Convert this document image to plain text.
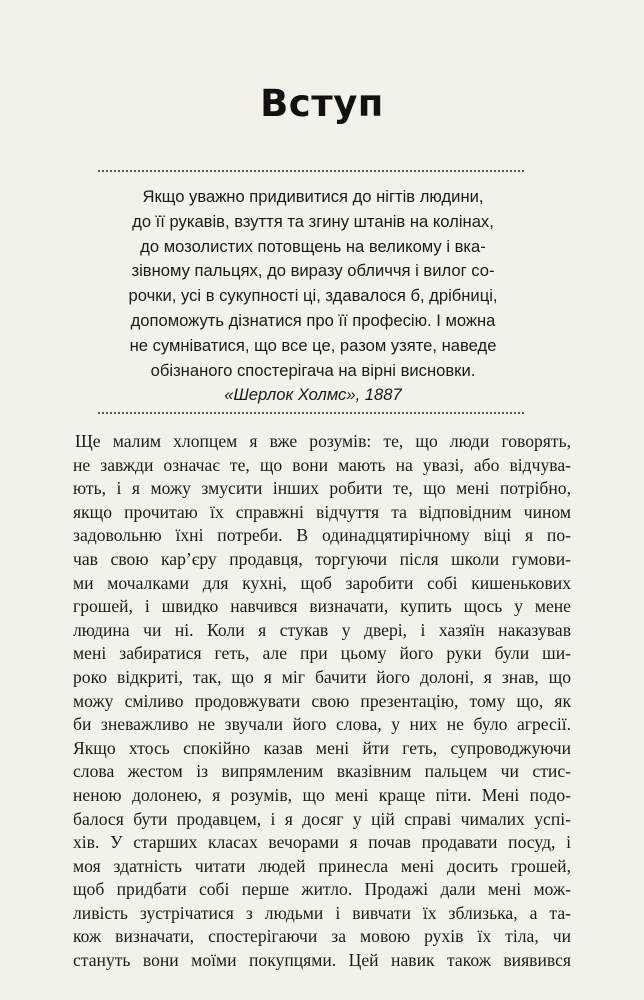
Вступ
Якщо уважно придивитися до нігтів людини,
до її рукавів, взуття та згину штанів на колінах,
до мозолистих потовщень на великому і вка-
зівному пальцях, до виразу обличчя і вилог со-
рочки, усі в сукупності ці, здавалося б, дрібниці,
допоможуть дізнатися про її професію. І можна
не сумніватися, що все це, разом узяте, наведе
обізнаного спостерігача на вірні висновки.
«Шерлок Холмс», 1887
Ще малим хлопцем я вже розумів: те, що люди говорять,
не завжди означає те, що вони мають на увазі, або відчува-
ють, і я можу змусити інших робити те, що мені потрібно,
якщо прочитаю їх справжні відчуття та відповідним чином
задовольню їхні потреби. В одинадцятирічному віці я по-
чав свою кар’єру продавця, торгуючи після школи гумови-
ми мочалками для кухні, щоб заробити собі кишенькових
грошей, і швидко навчився визначати, купить щось у мене
людина чи ні. Коли я стукав у двері, і хазяїн наказував
мені забиратися геть, але при цьому його руки були ши-
роко відкриті, так, що я міг бачити його долоні, я знав, що
можу сміливо продовжувати свою презентацію, тому що, як
би зневажливо не звучали його слова, у них не було агресії.
Якщо хтось спокійно казав мені йти геть, супроводжуючи
слова жестом із випрямленим вказівним пальцем чи стис-
неною долонею, я розумів, що мені краще піти. Мені подо-
балося бути продавцем, і я досяг у цій справі чималих успі-
хів. У старших класах вечорами я почав продавати посуд, і
моя здатність читати людей принесла мені досить грошей,
щоб придбати собі перше житло. Продажі дали мені мож-
ливість зустрічатися з людьми і вивчати їх зблизька, а та-
кож визначати, спостерігаючи за мовою рухів їх тіла, чи
стануть вони моїми покупцями. Цей навик також виявився
